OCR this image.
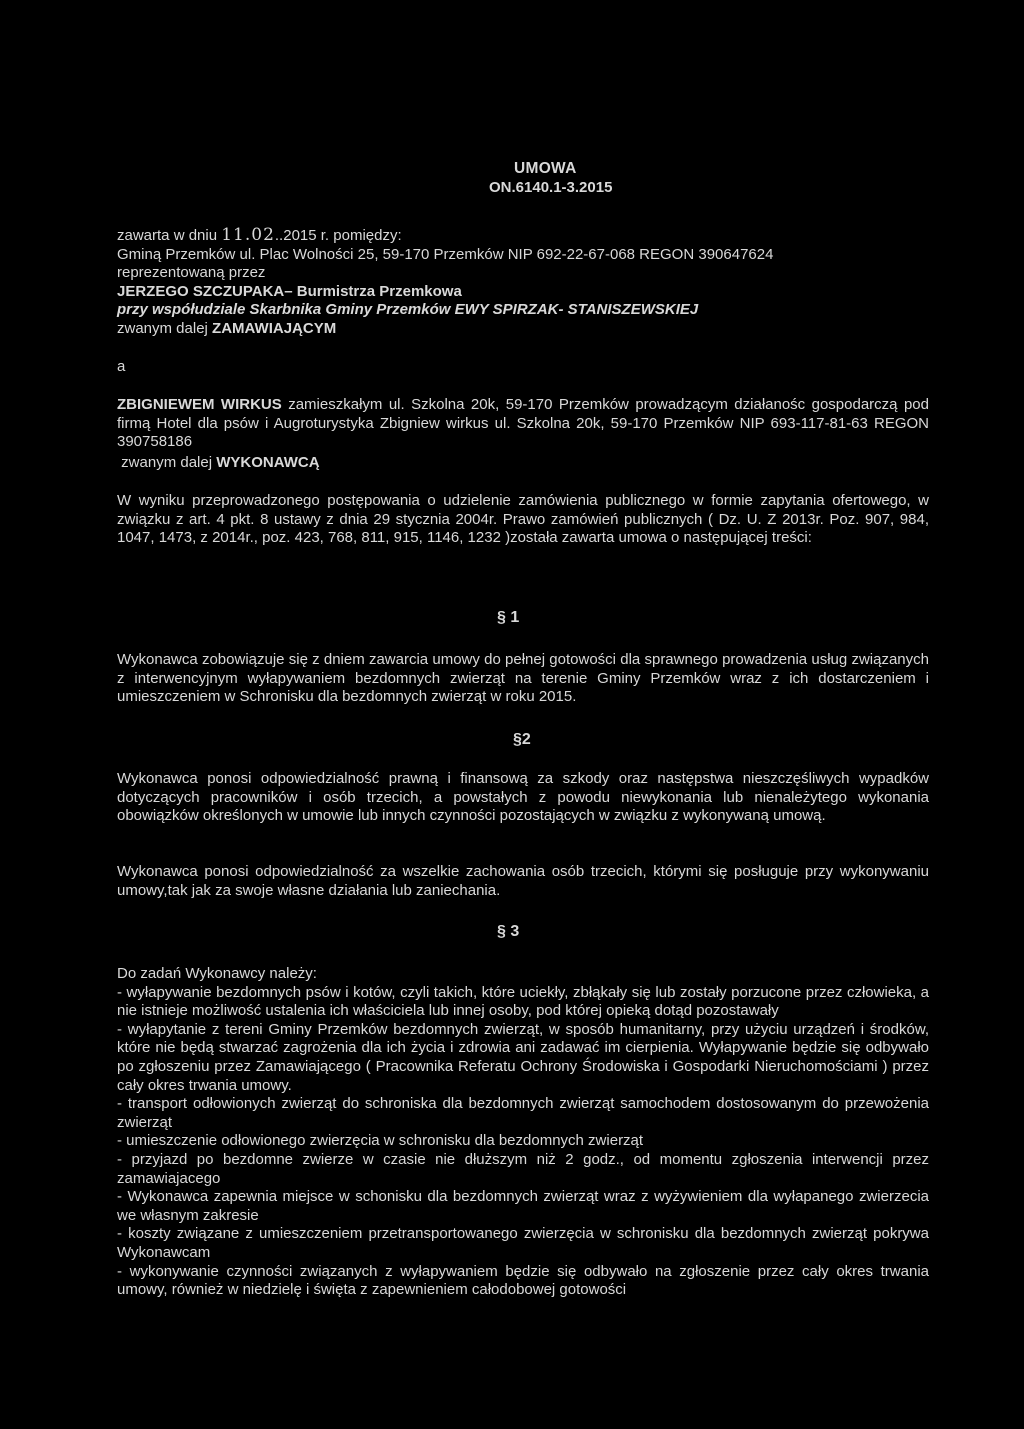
UMOWA
ON.6140.1-3.2015

zawarta w dniu 11.02..2015 r. pomiędzy:

Gminą Przemków ul. Plac Wolności 25, 59-170 Przemków NIP 692-22-67-068 REGON 390647624

reprezentowaną przez

JERZEGO SZCZUPAKA– Burmistrza Przemkowa

przy współudziale Skarbnika Gminy Przemków EWY SPIRZAK- STANISZEWSKIEJ

zwanym dalej ZAMAWIAJĄCYM

a

ZBIGNIEWEM WIRKUS zamieszkałym ul. Szkolna 20k, 59-170 Przemków prowadzącym działanośc gospodarczą pod firmą Hotel dla psów i Augroturystyka Zbigniew wirkus ul. Szkolna 20k, 59-170 Przemków NIP 693-117-81-63 REGON 390758186

zwanym dalej WYKONAWCĄ

W wyniku przeprowadzonego postępowania o udzielenie zamówienia publicznego w formie zapytania ofertowego, w związku z art. 4 pkt. 8 ustawy z dnia 29 stycznia 2004r. Prawo zamówień publicznych ( Dz. U. Z 2013r. Poz. 907, 984, 1047, 1473, z 2014r., poz. 423, 768, 811, 915, 1146, 1232 )została zawarta umowa o następującej treści:
§ 1
Wykonawca zobowiązuje się z dniem zawarcia umowy do pełnej gotowości dla sprawnego prowadzenia usług związanych z interwencyjnym wyłapywaniem bezdomnych zwierząt na terenie Gminy Przemków wraz z ich dostarczeniem i umieszczeniem w Schronisku dla bezdomnych zwierząt w roku 2015.
§2
Wykonawca ponosi odpowiedzialność prawną i finansową za szkody oraz następstwa nieszczęśliwych wypadków dotyczących pracowników i osób trzecich, a powstałych z powodu niewykonania lub nienależytego wykonania obowiązków określonych w umowie lub innych czynności pozostających w związku z wykonywaną umową.
Wykonawca ponosi odpowiedzialność za wszelkie zachowania osób trzecich, którymi się posługuje przy wykonywaniu umowy,tak jak za swoje własne działania lub zaniechania.
§ 3

Do zadań Wykonawcy należy:

- wyłapywanie bezdomnych psów i kotów, czyli takich, które uciekły, zbłąkały się lub zostały porzucone przez człowieka, a nie istnieje możliwość ustalenia ich właściciela lub innej osoby, pod której opieką dotąd pozostawały

- wyłapytanie z tereni Gminy Przemków bezdomnych zwierząt, w sposób humanitarny, przy użyciu urządzeń i środków, które nie będą stwarzać zagrożenia dla ich życia i zdrowia ani zadawać im cierpienia. Wyłapywanie będzie się odbywało po zgłoszeniu przez Zamawiającego ( Pracownika Referatu Ochrony Środowiska i Gospodarki Nieruchomościami ) przez cały okres trwania umowy.

- transport odłowionych zwierząt do schroniska dla bezdomnych zwierząt samochodem dostosowanym do przewożenia zwierząt

- umieszczenie odłowionego zwierzęcia w schronisku dla bezdomnych zwierząt

- przyjazd po bezdomne zwierze w czasie nie dłuższym niż 2 godz., od momentu zgłoszenia interwencji przez zamawiajacego

- Wykonawca zapewnia miejsce w schonisku dla bezdomnych zwierząt wraz z wyżywieniem dla wyłapanego zwierzecia we własnym zakresie

- koszty związane z umieszczeniem przetransportowanego zwierzęcia w schronisku dla bezdomnych zwierząt pokrywa Wykonawcam

- wykonywanie czynności związanych z wyłapywaniem będzie się odbywało na zgłoszenie przez cały okres trwania umowy, również w niedzielę i święta z zapewnieniem całodobowej gotowości
